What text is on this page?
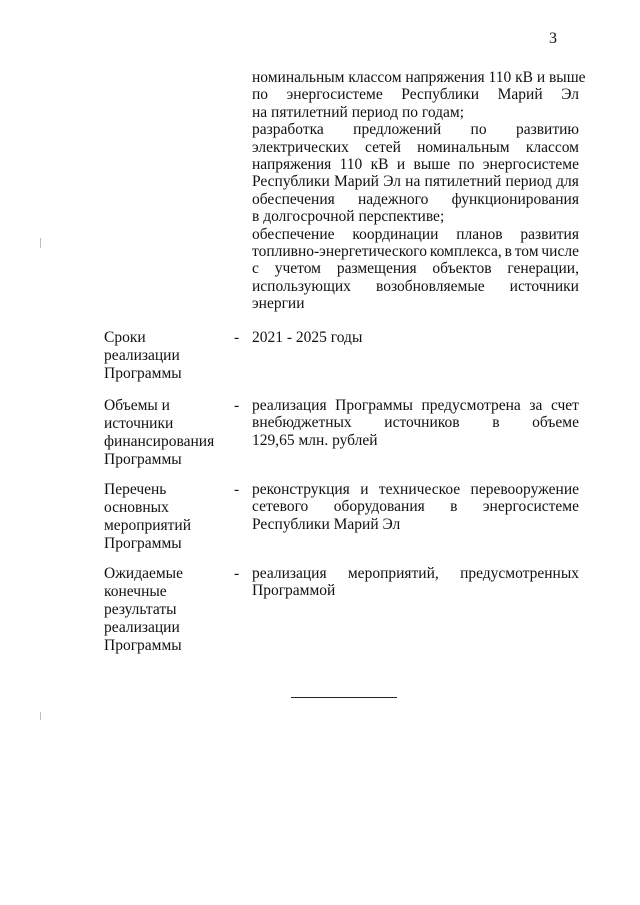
3
номинальным классом напряжения 110 кВ и выше
по энергосистеме Республики Марий Эл
на пятилетний период по годам;
разработка предложений по развитию
электрических сетей номинальным классом
напряжения 110 кВ и выше по энергосистеме
Республики Марий Эл на пятилетний период для
обеспечения надежного функционирования
в долгосрочной перспективе;
обеспечение координации планов развития
топливно-энергетического комплекса, в том числе
с учетом размещения объектов генерации,
использующих возобновляемые источники
энергии
Сроки
реализации
Программы
- 2021 - 2025 годы
Объемы и
источники
финансирования
Программы
- реализация Программы предусмотрена за счет
внебюджетных источников в объеме
129,65 млн. рублей
Перечень
основных
мероприятий
Программы
- реконструкция и техническое перевооружение
сетевого оборудования в энергосистеме
Республики Марий Эл
Ожидаемые
конечные
результаты
реализации
Программы
- реализация мероприятий, предусмотренных
Программой
